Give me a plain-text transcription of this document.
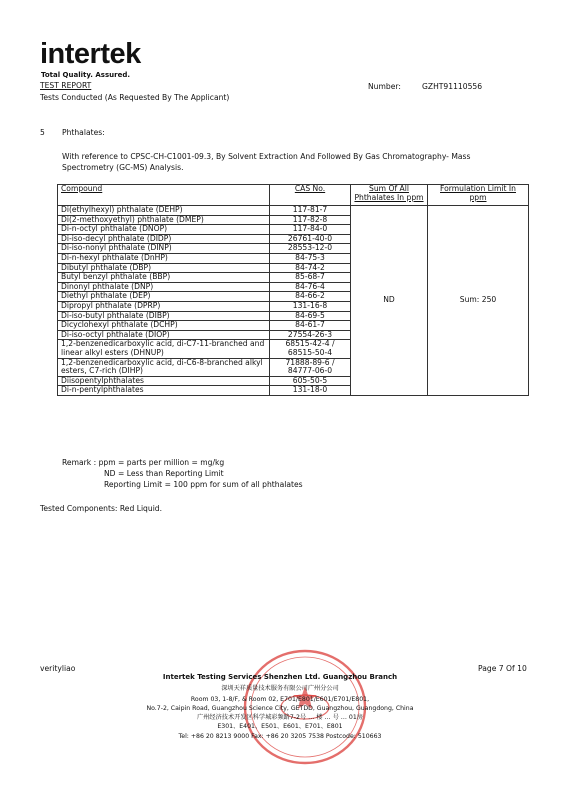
intertek
Total Quality. Assured.
TEST REPORT	Number:	GZHT91110556
Tests Conducted (As Requested By The Applicant)
5 Phthalates:
With reference to CPSC-CH-C1001-09.3, By Solvent Extraction And Followed By Gas Chromatography- Mass Spectrometry (GC-MS) Analysis.
Compound	CAS No.	Sum Of All Phthalates In ppm	Formulation Limit In ppm
Di(ethylhexyl) phthalate (DEHP)	117-81-7	ND	Sum: 250
Di(2-methoxyethyl) phthalate (DMEP)	117-82-8		
Di-n-octyl phthalate (DNOP)	117-84-0		
Di-iso-decyl phthalate (DIDP)	26761-40-0		
Di-iso-nonyl phthalate (DINP)	28553-12-0		
Di-n-hexyl phthalate (DnHP)	84-75-3		
Dibutyl phthalate (DBP)	84-74-2		
Butyl benzyl phthalate (BBP)	85-68-7		
Dinonyl phthalate (DNP)	84-76-4		
Diethyl phthalate (DEP)	84-66-2		
Dipropyl phthalate (DPRP)	131-16-8		
Di-iso-butyl phthalate (DIBP)	84-69-5		
Dicyclohexyl phthalate (DCHP)	84-61-7		
Di-iso-octyl phthalate (DIOP)	27554-26-3		
1,2-benzenedicarboxylic acid, di-C7-11-branched and linear alkyl esters (DHNUP)	68515-42-4 /
68515-50-4		
1,2-benzenedicarboxylic acid, di-C6-8-branched alkyl esters, C7-rich (DIHP)	71888-89-6 /
84777-06-0		
Diisopentylphthalates	605-50-5		
Di-n-pentylphthalates	131-18-0		
Remark : ppm = parts per million = mg/kg
ND = Less than Reporting Limit
Reporting Limit = 100 ppm for sum of all phthalates
Tested Components: Red Liquid.
verityliao	Page 7 Of 10
Intertek Testing Services Shenzhen Ltd. Guangzhou Branch
深圳天祥质量技术服务有限公司广州分公司
Room 03, 1-8/F, & Room 02, E701/E801/E601/E701/E801,
No.7-2, Caipin Road, Guangzhou Science City, GETDD, Guangzhou, Guangdong, China
广州经济技术开发区科学城彩频路7-2号 … 楼 … 号 … 01房
E301、E401、E501、E601、E701、E801
Tel: +86 20 8213 9000 Fax: +86 20 3205 7538 Postcode: 510663
